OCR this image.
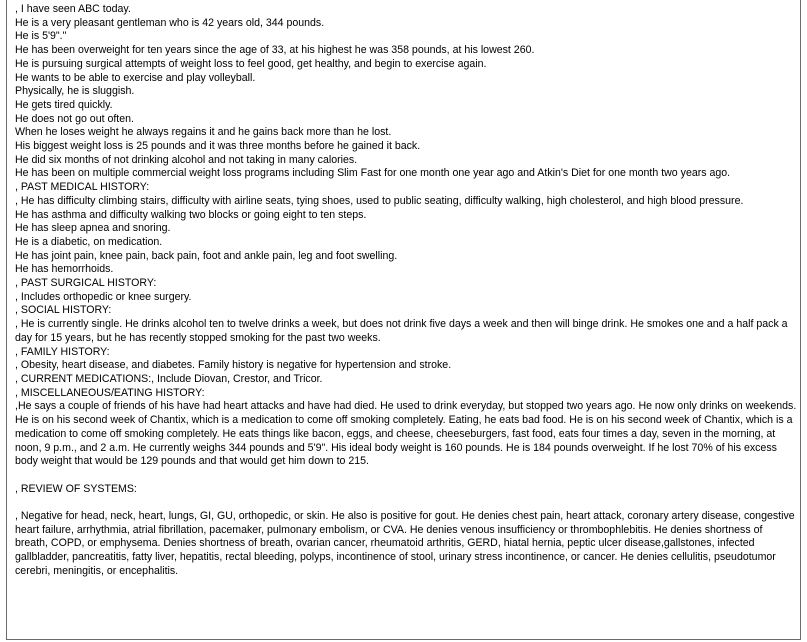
, I have seen ABC today.
He is a very pleasant gentleman who is 42 years old, 344 pounds.
He is 5'9"."
He has been overweight for ten years since the age of 33, at his highest he was 358 pounds, at his lowest 260.
He is pursuing surgical attempts of weight loss to feel good, get healthy, and begin to exercise again.
He wants to be able to exercise and play volleyball.
Physically, he is sluggish.
He gets tired quickly.
He does not go out often.
When he loses weight he always regains it and he gains back more than he lost.
His biggest weight loss is 25 pounds and it was three months before he gained it back.
He did six months of not drinking alcohol and not taking in many calories.
He has been on multiple commercial weight loss programs including Slim Fast for one month one year ago and Atkin's Diet for one month two years ago.
, PAST MEDICAL HISTORY:
, He has difficulty climbing stairs, difficulty with airline seats, tying shoes, used to public seating, difficulty walking, high cholesterol, and high blood pressure.
He has asthma and difficulty walking two blocks or going eight to ten steps.
He has sleep apnea and snoring.
He is a diabetic, on medication.
He has joint pain, knee pain, back pain, foot and ankle pain, leg and foot swelling.
He has hemorrhoids.
, PAST SURGICAL HISTORY:
, Includes orthopedic or knee surgery.
, SOCIAL HISTORY:
, He is currently single. He drinks alcohol ten to twelve drinks a week, but does not drink five days a week and then will binge drink. He smokes one and a half pack a day for 15 years, but he has recently stopped smoking for the past two weeks.
, FAMILY HISTORY:
, Obesity, heart disease, and diabetes. Family history is negative for hypertension and stroke.
, CURRENT MEDICATIONS:, Include Diovan, Crestor, and Tricor.
, MISCELLANEOUS/EATING HISTORY:
,He says a couple of friends of his have had heart attacks and have had died. He used to drink everyday, but stopped two years ago. He now only drinks on weekends. He is on his second week of Chantix, which is a medication to come off smoking completely. Eating, he eats bad food. He is on his second week of Chantix, which is a medication to come off smoking completely. He eats things like bacon, eggs, and cheese, cheeseburgers, fast food, eats four times a day, seven in the morning, at noon, 9 p.m., and 2 a.m. He currently weighs 344 pounds and 5'9". His ideal body weight is 160 pounds. He is 184 pounds overweight. If he lost 70% of his excess body weight that would be 129 pounds and that would get him down to 215.
, REVIEW OF SYSTEMS:
, Negative for head, neck, heart, lungs, GI, GU, orthopedic, or skin. He also is positive for gout. He denies chest pain, heart attack, coronary artery disease, congestive heart failure, arrhythmia, atrial fibrillation, pacemaker, pulmonary embolism, or CVA. He denies venous insufficiency or thrombophlebitis. He denies shortness of breath, COPD, or emphysema. Denies shortness of breath, ovarian cancer, rheumatoid arthritis, GERD, hiatal hernia, peptic ulcer disease,gallstones, infected gallbladder, pancreatitis, fatty liver, hepatitis, rectal bleeding, polyps, incontinence of stool, urinary stress incontinence, or cancer. He denies cellulitis, pseudotumor cerebri, meningitis, or encephalitis.
